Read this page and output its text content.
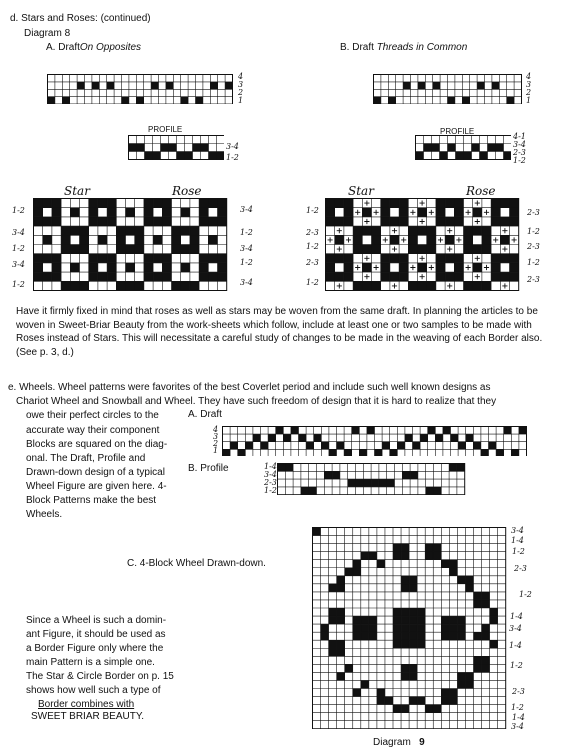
d. Stars and Roses: (continued)
Diagram 8
A. DraftOn Opposites	B. Draft Threads in Common
4
3
2
1
4
3
2
1
PROFILE
3-4
1-2
PROFILE
4-1
3-4
2-3
1-2
Star	Rose	Star	Rose
1-2
3-4
1-2
3-4
1-2
3-4
1-2
3-4
1-2
3-4
1-2
2-3
1-2
2-3
1-2
2-3
1-2
2-3
1-2
2-3
Have it firmly fixed in mind that roses as well as stars may be woven from the same draft. In planning the articles to be woven in Sweet-Briar Beauty from the work-sheets which follow, include at least one or two samples to be made with Roses instead of Stars. This will necessitate a careful study of changes to be made in the weaving of each Border also. (See p. 3, d.)
e. Wheels. Wheel patterns were favorites of the best Coverlet period and include such well known designs as
Chariot Wheel and Snowball and Wheel. They have such freedom of design that it is hard to realize that they
owe their perfect circles to the
accurate way their component
Blocks are squared on the diag-
onal. The Draft, Profile and
Drawn-down design of a typical
Wheel Figure are given here. 4-
Block Patterns make the best
Wheels.
A. Draft
4
3
2
1
B. Profile	1-4
3-4
2-3
1-2
C. 4-Block Wheel Drawn-down.
3-4
1-4
1-2
2-3
1-2
1-4
3-4
1-4
1-2
2-3
1-2
1-4
3-4
Since a Wheel is such a domin-
ant Figure, it should be used as
a Border Figure only where the
main Pattern is a simple one.
The Star & Circle Border on p. 15
shows how well such a type of
Border combines with
SWEET BRIAR BEAUTY.
Diagram 9
